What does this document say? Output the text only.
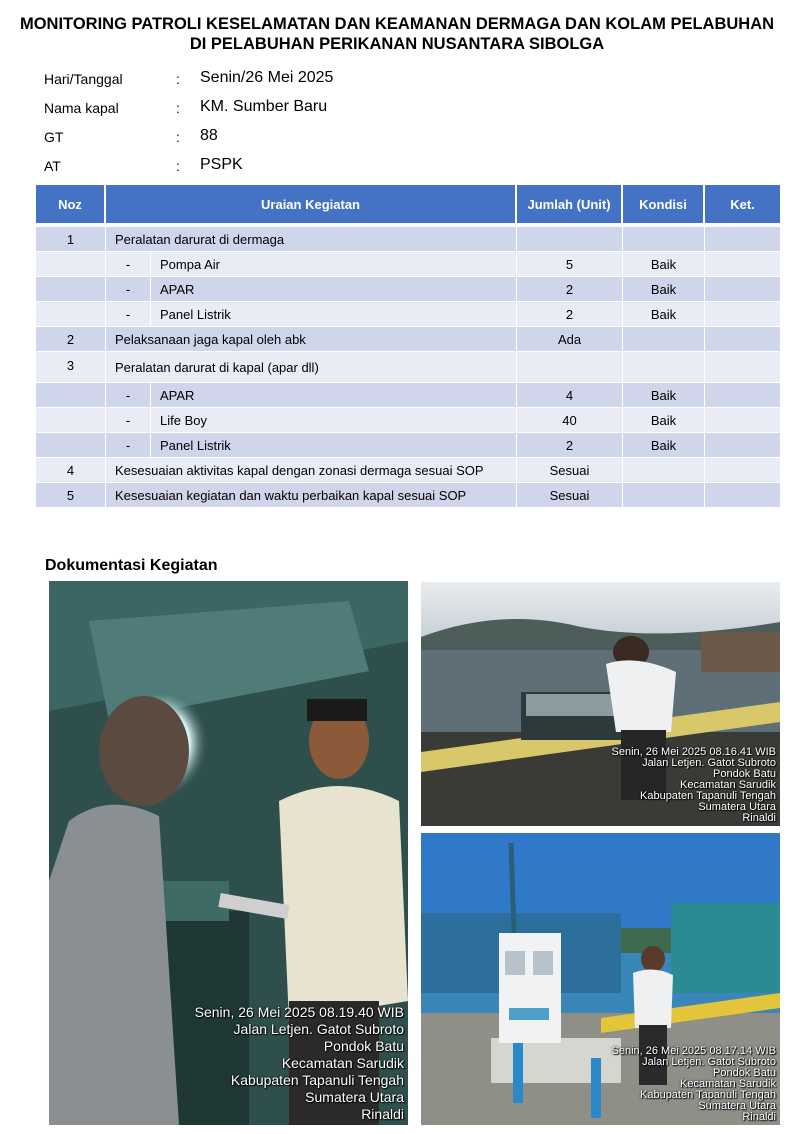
MONITORING PATROLI KESELAMATAN DAN KEAMANAN DERMAGA DAN KOLAM PELABUHAN
DI PELABUHAN PERIKANAN NUSANTARA SIBOLGA
Hari/Tanggal	: Senin/26 Mei 2025
Nama kapal	: KM. Sumber Baru
GT	: 88
AT	: PSPK
Noz	Uraian Kegiatan		Jumlah (Unit)	Kondisi	Ket.
1	Peralatan darurat di dermaga				
	-	Pompa Air	5	Baik	
	-	APAR	2	Baik	
	-	Panel Listrik	2	Baik	
2	Pelaksanaan jaga kapal oleh abk		Ada		
3	Peralatan darurat di kapal (apar dll)				
	-	APAR	4	Baik	
	-	Life Boy	40	Baik	
	-	Panel Listrik	2	Baik	
4	Kesesuaian aktivitas kapal dengan zonasi dermaga sesuai SOP		Sesuai		
5	Kesesuaian kegiatan dan waktu perbaikan kapal sesuai SOP		Sesuai		
Dokumentasi Kegiatan
Senin, 26 Mei 2025 08.19.40 WIB
Jalan Letjen. Gatot Subroto
Pondok Batu
Kecamatan Sarudik
Kabupaten Tapanuli Tengah
Sumatera Utara
Rinaldi
Senin, 26 Mei 2025 08.16.41 WIB
Jalan Letjen. Gatot Subroto
Pondok Batu
Kecamatan Sarudik
Kabupaten Tapanuli Tengah
Sumatera Utara
Rinaldi
Senin, 26 Mei 2025 08.17.14 WIB
Jalan Letjen. Gatot Subroto
Pondok Batu
Kecamatan Sarudik
Kabupaten Tapanuli Tengah
Sumatera Utara
Rinaldi
